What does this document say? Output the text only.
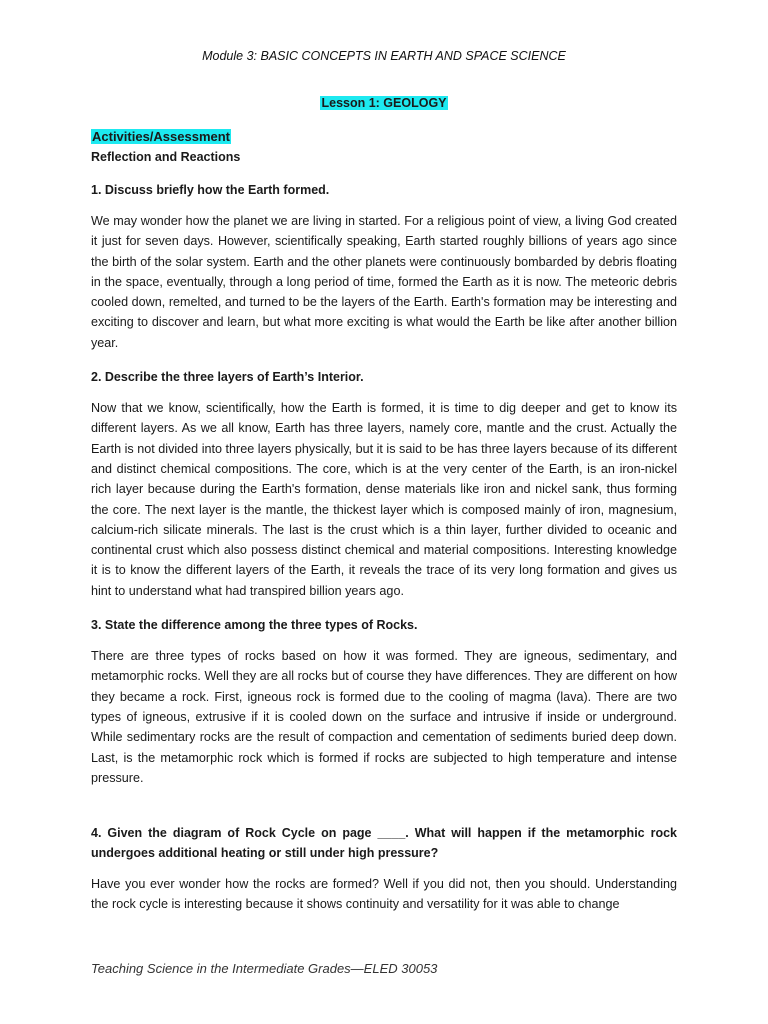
Module 3: BASIC CONCEPTS IN EARTH AND SPACE SCIENCE

Lesson 1: GEOLOGY

Activities/Assessment

Reflection and Reactions

1. Discuss briefly how the Earth formed.

We may wonder how the planet we are living in started. For a religious point of view, a living God created it just for seven days. However, scientifically speaking, Earth started roughly billions of years ago since the birth of the solar system. Earth and the other planets were continuously bombarded by debris floating in the space, eventually, through a long period of time, formed the Earth as it is now. The meteoric debris cooled down, remelted, and turned to be the layers of the Earth. Earth's formation may be interesting and exciting to discover and learn, but what more exciting is what would the Earth be like after another billion year.

2. Describe the three layers of Earth’s Interior.

Now that we know, scientifically, how the Earth is formed, it is time to dig deeper and get to know its different layers. As we all know, Earth has three layers, namely core, mantle and the crust. Actually the Earth is not divided into three layers physically, but it is said to be has three layers because of its different and distinct chemical compositions. The core, which is at the very center of the Earth, is an iron-nickel rich layer because during the Earth's formation, dense materials like iron and nickel sank, thus forming the core. The next layer is the mantle, the thickest layer which is composed mainly of iron, magnesium, calcium-rich silicate minerals. The last is the crust which is a thin layer, further divided to oceanic and continental crust which also possess distinct chemical and material compositions. Interesting knowledge it is to know the different layers of the Earth, it reveals the trace of its very long formation and gives us hint to understand what had transpired billion years ago.

3. State the difference among the three types of Rocks.

There are three types of rocks based on how it was formed. They are igneous, sedimentary, and metamorphic rocks. Well they are all rocks but of course they have differences. They are different on how they became a rock. First, igneous rock is formed due to the cooling of magma (lava). There are two types of igneous, extrusive if it is cooled down on the surface and intrusive if inside or underground. While sedimentary rocks are the result of compaction and cementation of sediments buried deep down. Last, is the metamorphic rock which is formed if rocks are subjected to high temperature and intense pressure.

4. Given the diagram of Rock Cycle on page ____. What will happen if the metamorphic rock undergoes additional heating or still under high pressure?

Have you ever wonder how the rocks are formed? Well if you did not, then you should. Understanding the rock cycle is interesting because it shows continuity and versatility for it was able to change

Teaching Science in the Intermediate Grades—ELED 30053
